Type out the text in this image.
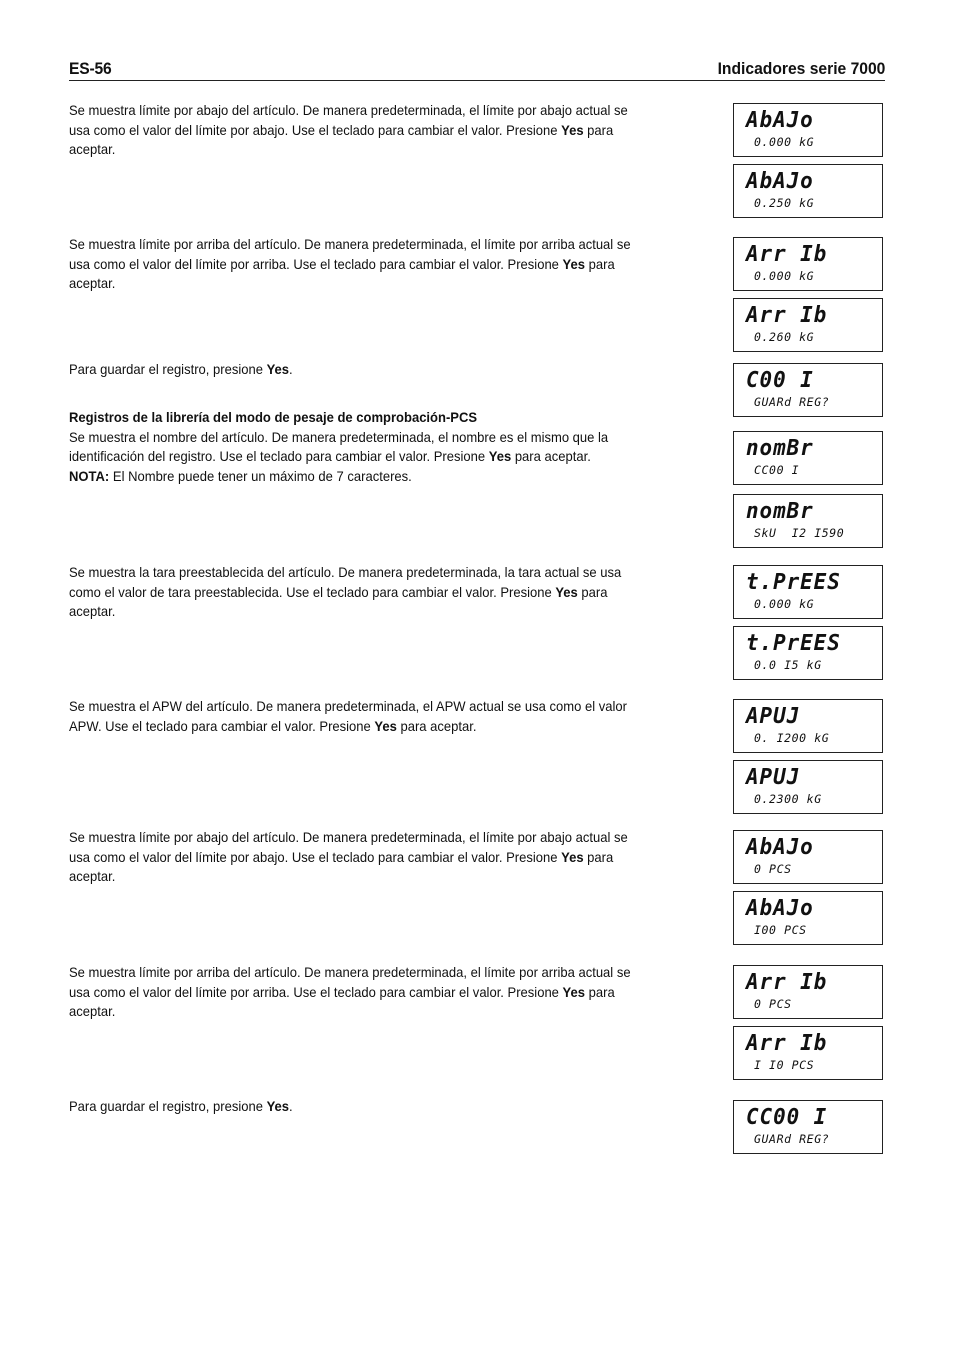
ES-56	Indicadores serie 7000
Se muestra límite por abajo del artículo. De manera predeterminada, el límite por abajo actual se usa como el valor del límite por abajo. Use el teclado para cambiar el valor. Presione Yes para aceptar.
Se muestra límite por arriba del artículo. De manera predeterminada, el límite por arriba actual se usa como el valor del límite por arriba. Use el teclado para cambiar el valor. Presione Yes para aceptar.
Para guardar el registro, presione Yes.
Registros de la librería del modo de pesaje de comprobación-PCS
Se muestra el nombre del artículo. De manera predeterminada, el nombre es el mismo que la identificación del registro. Use el teclado para cambiar el valor. Presione Yes para aceptar.
NOTA: El Nombre puede tener un máximo de 7 caracteres.
Se muestra la tara preestablecida del artículo. De manera predeterminada, la tara actual se usa como el valor de tara preestablecida. Use el teclado para cambiar el valor. Presione Yes para aceptar.
Se muestra el APW del artículo. De manera predeterminada, el APW actual se usa como el valor APW. Use el teclado para cambiar el valor. Presione Yes para aceptar.
Se muestra límite por abajo del artículo. De manera predeterminada, el límite por abajo actual se usa como el valor del límite por abajo. Use el teclado para cambiar el valor. Presione Yes para aceptar.
Se muestra límite por arriba del artículo. De manera predeterminada, el límite por arriba actual se usa como el valor del límite por arriba. Use el teclado para cambiar el valor. Presione Yes para aceptar.
Para guardar el registro, presione Yes.
AbAJo
0.000 kG
AbAJo
0.250 kG
Arr Ib
0.000 kG
Arr Ib
0.260 kG
C00 I
GUARd REG?
nomBr
CC00 I
nomBr
SkU  I2 I590
t.PrEES
0.000 kG
t.PrEES
0.0 I5 kG
APUJ
0. I200 kG
APUJ
0.2300 kG
AbAJo
0 PCS
AbAJo
I00 PCS
Arr Ib
0 PCS
Arr Ib
I I0 PCS
CC00 I
GUARd REG?
